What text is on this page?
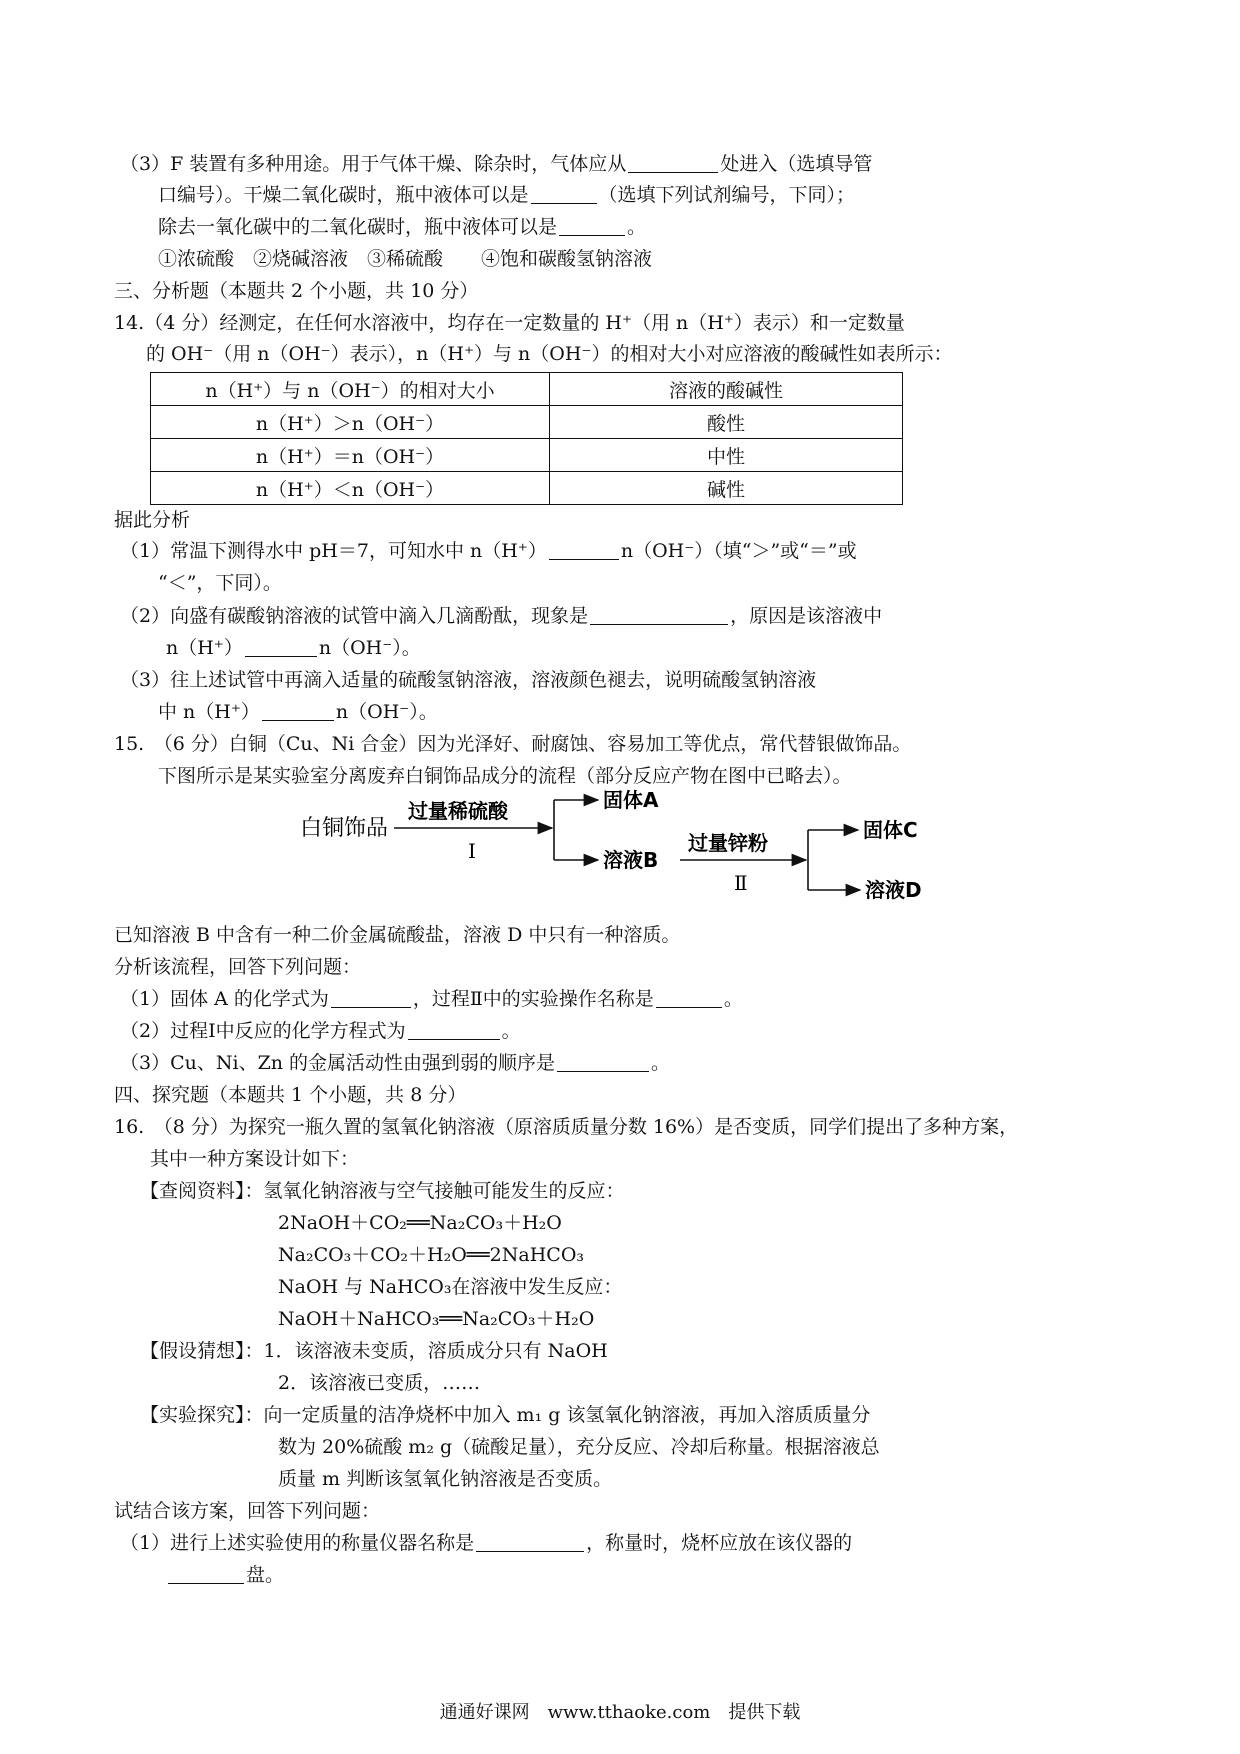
（3）F 装置有多种用途。用于气体干燥、除杂时，气体应从	处进入（选填导管
口编号）。干燥二氧化碳时，瓶中液体可以是	（选填下列试剂编号，下同）；
除去一氧化碳中的二氧化碳时，瓶中液体可以是	。
①浓硫酸　②烧碱溶液　③稀硫酸　　④饱和碳酸氢钠溶液
三、分析题（本题共 2 个小题，共 10 分）
14.（4 分）经测定，在任何水溶液中，均存在一定数量的 H⁺（用 n（H⁺）表示）和一定数量
的 OH⁻（用 n（OH⁻）表示），n（H⁺）与 n（OH⁻）的相对大小对应溶液的酸碱性如表所示：
n（H⁺）与 n（OH⁻）的相对大小	溶液的酸碱性
n（H⁺）＞n（OH⁻）	酸性
n（H⁺）＝n（OH⁻）	中性
n（H⁺）＜n（OH⁻）	碱性
据此分析
（1）常温下测得水中 pH＝7，可知水中 n（H⁺）	n（OH⁻）（填“＞”或“＝”或
“＜”，下同）。
（2）向盛有碳酸钠溶液的试管中滴入几滴酚酞，现象是	，原因是该溶液中
n（H⁺）	n（OH⁻）。
（3）往上述试管中再滴入适量的硫酸氢钠溶液，溶液颜色褪去，说明硫酸氢钠溶液
中 n（H⁺）	n（OH⁻）。
15.　（6 分）白铜（Cu、Ni 合金）因为光泽好、耐腐蚀、容易加工等优点，常代替银做饰品。
下图所示是某实验室分离废弃白铜饰品成分的流程（部分反应产物在图中已略去）。
白铜饰品
过量稀硫酸
Ⅰ
固体A
溶液B
过量锌粉
Ⅱ
固体C
溶液D
已知溶液 B 中含有一种二价金属硫酸盐，溶液 D 中只有一种溶质。
分析该流程，回答下列问题：
（1）固体 A 的化学式为	，过程Ⅱ中的实验操作名称是	。
（2）过程Ⅰ中反应的化学方程式为	。
（3）Cu、Ni、Zn 的金属活动性由强到弱的顺序是	。
四、探究题（本题共 1 个小题，共 8 分）
16.　（8 分）为探究一瓶久置的氢氧化钠溶液（原溶质质量分数 16%）是否变质，同学们提出了多种方案，
其中一种方案设计如下：
【查阅资料】：氢氧化钠溶液与空气接触可能发生的反应：
2NaOH＋CO₂══Na₂CO₃＋H₂O
Na₂CO₃＋CO₂＋H₂O══2NaHCO₃
NaOH 与 NaHCO₃在溶液中发生反应：
NaOH＋NaHCO₃══Na₂CO₃＋H₂O
【假设猜想】：1．该溶液未变质，溶质成分只有 NaOH
2．该溶液已变质，……
【实验探究】：向一定质量的洁净烧杯中加入 m₁ g 该氢氧化钠溶液，再加入溶质质量分
数为 20%硫酸 m₂ g（硫酸足量），充分反应、冷却后称量。根据溶液总
质量 m 判断该氢氧化钠溶液是否变质。
试结合该方案，回答下列问题：
（1）进行上述实验使用的称量仪器名称是	，称量时，烧杯应放在该仪器的
盘。
通通好课网　www.tthaoke.com　提供下载
